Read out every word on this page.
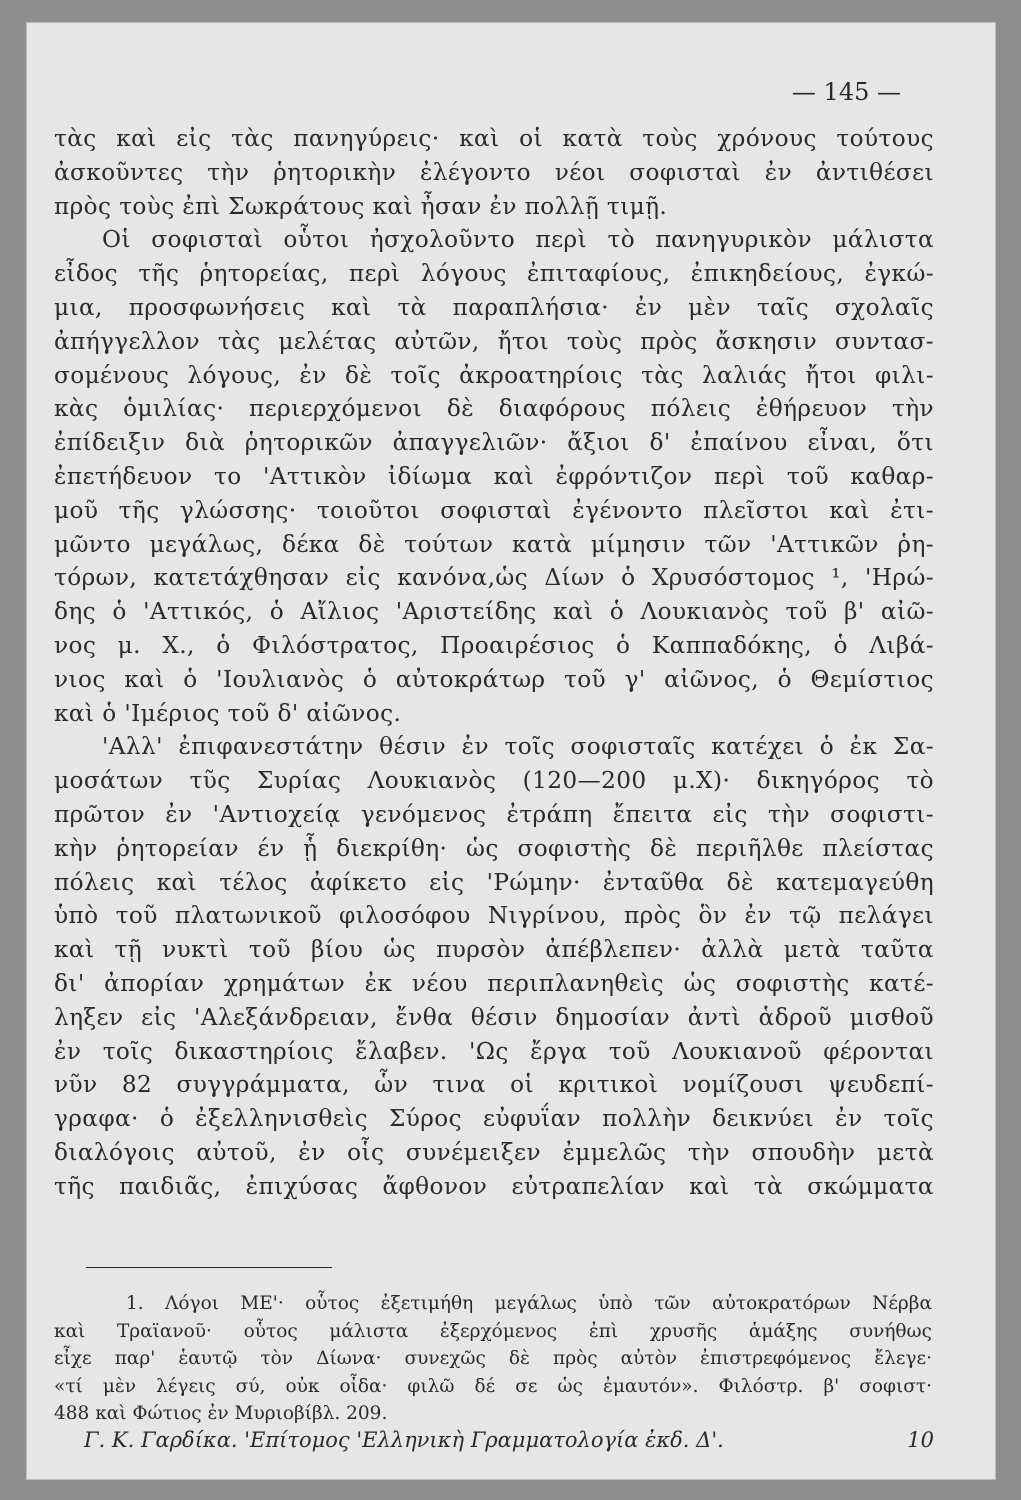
— 145 —

τὰς καὶ εἰς τὰς πανηγύρεις· καὶ οἱ κατὰ τοὺς χρόνους τούτους

ἀσκοῦντες τὴν ῥητορικὴν ἐλέγοντο νέοι σοφισταὶ ἐν ἀντιθέσει

πρὸς τοὺς ἐπὶ Σωκράτους καὶ ἦσαν ἐν πολλῇ τιμῇ.

Οἱ σοφισταὶ οὗτοι ἠσχολοῦντο περὶ τὸ πανηγυρικὸν μάλιστα

εἶδος τῆς ῥητορείας, περὶ λόγους ἐπιταφίους, ἐπικηδείους, ἐγκώ-

μια, προσφωνήσεις καὶ τὰ παραπλήσια· ἐν μὲν ταῖς σχολαῖς

ἀπήγγελλον τὰς μελέτας αὐτῶν, ἤτοι τοὺς πρὸς ἄσκησιν συντασ-

σομένους λόγους, ἐν δὲ τοῖς ἀκροατηρίοις τὰς λαλιάς ἤτοι φιλι-

κὰς ὁμιλίας· περιερχόμενοι δὲ διαφόρους πόλεις ἐθήρευον τὴν

ἐπίδειξιν διὰ ῥητορικῶν ἀπαγγελιῶν· ἄξιοι δ' ἐπαίνου εἶναι, ὅτι

ἐπετήδευον το 'Αττικὸν ἰδίωμα καὶ ἐφρόντιζον περὶ τοῦ καθαρ-

μοῦ τῆς γλώσσης· τοιοῦτοι σοφισταὶ ἐγένοντο πλεῖστοι καὶ ἐτι-

μῶντο μεγάλως, δέκα δὲ τούτων κατὰ μίμησιν τῶν 'Αττικῶν ῥη-

τόρων, κατετάχθησαν εἰς κανόνα,ὡς Δίων ὁ Χρυσόστομος ¹, 'Ηρώ-

δης ὁ 'Αττικός, ὁ Αἴλιος 'Αριστείδης καὶ ὁ Λουκιανὸς τοῦ β' αἰῶ-

νος μ. Χ., ὁ Φιλόστρατος, Προαιρέσιος ὁ Καππαδόκης, ὁ Λιβά-

νιος καὶ ὁ 'Ιουλιανὸς ὁ αὐτοκράτωρ τοῦ γ' αἰῶνος, ὁ Θεμίστιος

καὶ ὁ 'Ιμέριος τοῦ δ' αἰῶνος.

'Αλλ' ἐπιφανεστάτην θέσιν ἐν τοῖς σοφισταῖς κατέχει ὁ ἐκ Σα-

μοσάτων τῦς Συρίας Λουκιανὸς (120—200 μ.Χ)· δικηγόρος τὸ

πρῶτον ἐν 'Αντιοχείᾳ γενόμενος ἐτράπη ἔπειτα εἰς τὴν σοφιστι-

κὴν ῥητορείαν έν ᾗ διεκρίθη· ὡς σοφιστὴς δὲ περιῆλθε πλείστας

πόλεις καὶ τέλος ἀφίκετο εἰς 'Ρώμην· ἐνταῦθα δὲ κατεμαγεύθη

ὑπὸ τοῦ πλατωνικοῦ φιλοσόφου Νιγρίνου, πρὸς ὃν ἐν τῷ πελάγει

καὶ τῇ νυκτὶ τοῦ βίου ὡς πυρσὸν ἀπέβλεπεν· ἀλλὰ μετὰ ταῦτα

δι' ἀπορίαν χρημάτων ἐκ νέου περιπλανηθεὶς ὡς σοφιστὴς κατέ-

ληξεν εἰς 'Αλεξάνδρειαν, ἔνθα θέσιν δημοσίαν ἀντὶ ἁδροῦ μισθοῦ

ἐν τοῖς δικαστηρίοις ἔλαβεν. 'Ως ἔργα τοῦ Λουκιανοῦ φέρονται

νῦν 82 συγγράμματα, ὧν τινα οἱ κριτικοὶ νομίζουσι ψευδεπί-

γραφα· ὁ ἐξελληνισθεὶς Σύρος εὐφυΐαν πολλὴν δεικνύει ἐν τοῖς

διαλόγοις αὐτοῦ, ἐν οἷς συνέμειξεν ἐμμελῶς τὴν σπουδὴν μετὰ

τῆς παιδιᾶς, ἐπιχύσας ἄφθονον εὐτραπελίαν καὶ τὰ σκώμματα

1. Λόγοι ΜΕ'· οὗτος ἐξετιμήθη μεγάλως ὑπὸ τῶν αὐτοκρατόρων Νέρβα

καὶ Τραϊανοῦ· οὗτος μάλιστα ἐξερχόμενος ἐπὶ χρυσῆς ἁμάξης συνήθως

εἶχε παρ' ἑαυτῷ τὸν Δίωνα· συνεχῶς δὲ πρὸς αὐτὸν ἐπιστρεφόμενος ἔλεγε·

«τί μὲν λέγεις σύ, οὐκ οἶδα· φιλῶ δέ σε ὡς ἐμαυτόν». Φιλόστρ. β' σοφιστ·

488 καὶ Φώτιος ἐν Μυριοβίβλ. 209.

Γ. Κ. Γαρδίκα. 'Επίτομος 'Ελληνικὴ Γραμματολογία ἐκδ. Δ'.	10
